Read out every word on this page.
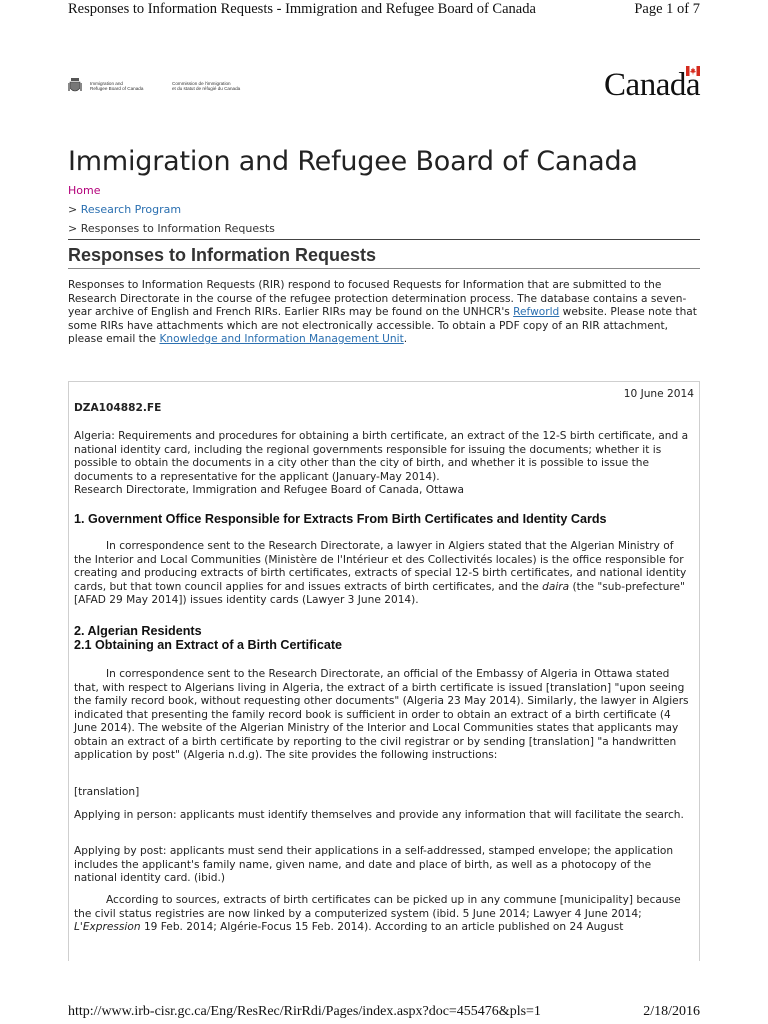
Responses to Information Requests - Immigration and Refugee Board of Canada	Page 1 of 7
Immigration and
Refugee Board of Canada
Commission de l'immigration
et du statut de réfugié du Canada	Canada
Immigration and Refugee Board of Canada
Home
> Research Program
> Responses to Information Requests
Responses to Information Requests

Responses to Information Requests (RIR) respond to focused Requests for Information that are submitted to the Research Directorate in the course of the refugee protection determination process. The database contains a seven-year archive of English and French RIRs. Earlier RIRs may be found on the UNHCR's Refworld website. Please note that some RIRs have attachments which are not electronically accessible. To obtain a PDF copy of an RIR attachment, please email the Knowledge and Information Management Unit.

10 June 2014
DZA104882.FE
Algeria: Requirements and procedures for obtaining a birth certificate, an extract of the 12-S birth certificate, and a national identity card, including the regional governments responsible for issuing the documents; whether it is possible to obtain the documents in a city other than the city of birth, and whether it is possible to issue the documents to a representative for the applicant (January-May 2014).
Research Directorate, Immigration and Refugee Board of Canada, Ottawa
1. Government Office Responsible for Extracts From Birth Certificates and Identity Cards

In correspondence sent to the Research Directorate, a lawyer in Algiers stated that the Algerian Ministry of the Interior and Local Communities (Ministère de l'Intérieur et des Collectivités locales) is the office responsible for creating and producing extracts of birth certificates, extracts of special 12-S birth certificates, and national identity cards, but that town council applies for and issues extracts of birth certificates, and the daira (the "sub-prefecture" [AFAD 29 May 2014]) issues identity cards (Lawyer 3 June 2014).

2. Algerian Residents
2.1 Obtaining an Extract of a Birth Certificate

In correspondence sent to the Research Directorate, an official of the Embassy of Algeria in Ottawa stated that, with respect to Algerians living in Algeria, the extract of a birth certificate is issued [translation] "upon seeing the family record book, without requesting other documents" (Algeria 23 May 2014). Similarly, the lawyer in Algiers indicated that presenting the family record book is sufficient in order to obtain an extract of a birth certificate (4 June 2014). The website of the Algerian Ministry of the Interior and Local Communities states that applicants may obtain an extract of a birth certificate by reporting to the civil registrar or by sending [translation] "a handwritten application by post" (Algeria n.d.g). The site provides the following instructions:

[translation]

Applying in person: applicants must identify themselves and provide any information that will facilitate the search.

Applying by post: applicants must send their applications in a self-addressed, stamped envelope; the application includes the applicant's family name, given name, and date and place of birth, as well as a photocopy of the national identity card. (ibid.)

According to sources, extracts of birth certificates can be picked up in any commune [municipality] because the civil status registries are now linked by a computerized system (ibid. 5 June 2014; Lawyer 4 June 2014; L'Expression 19 Feb. 2014; Algérie-Focus 15 Feb. 2014). According to an article published on 24 August

http://www.irb-cisr.gc.ca/Eng/ResRec/RirRdi/Pages/index.aspx?doc=455476&pls=1	2/18/2016
